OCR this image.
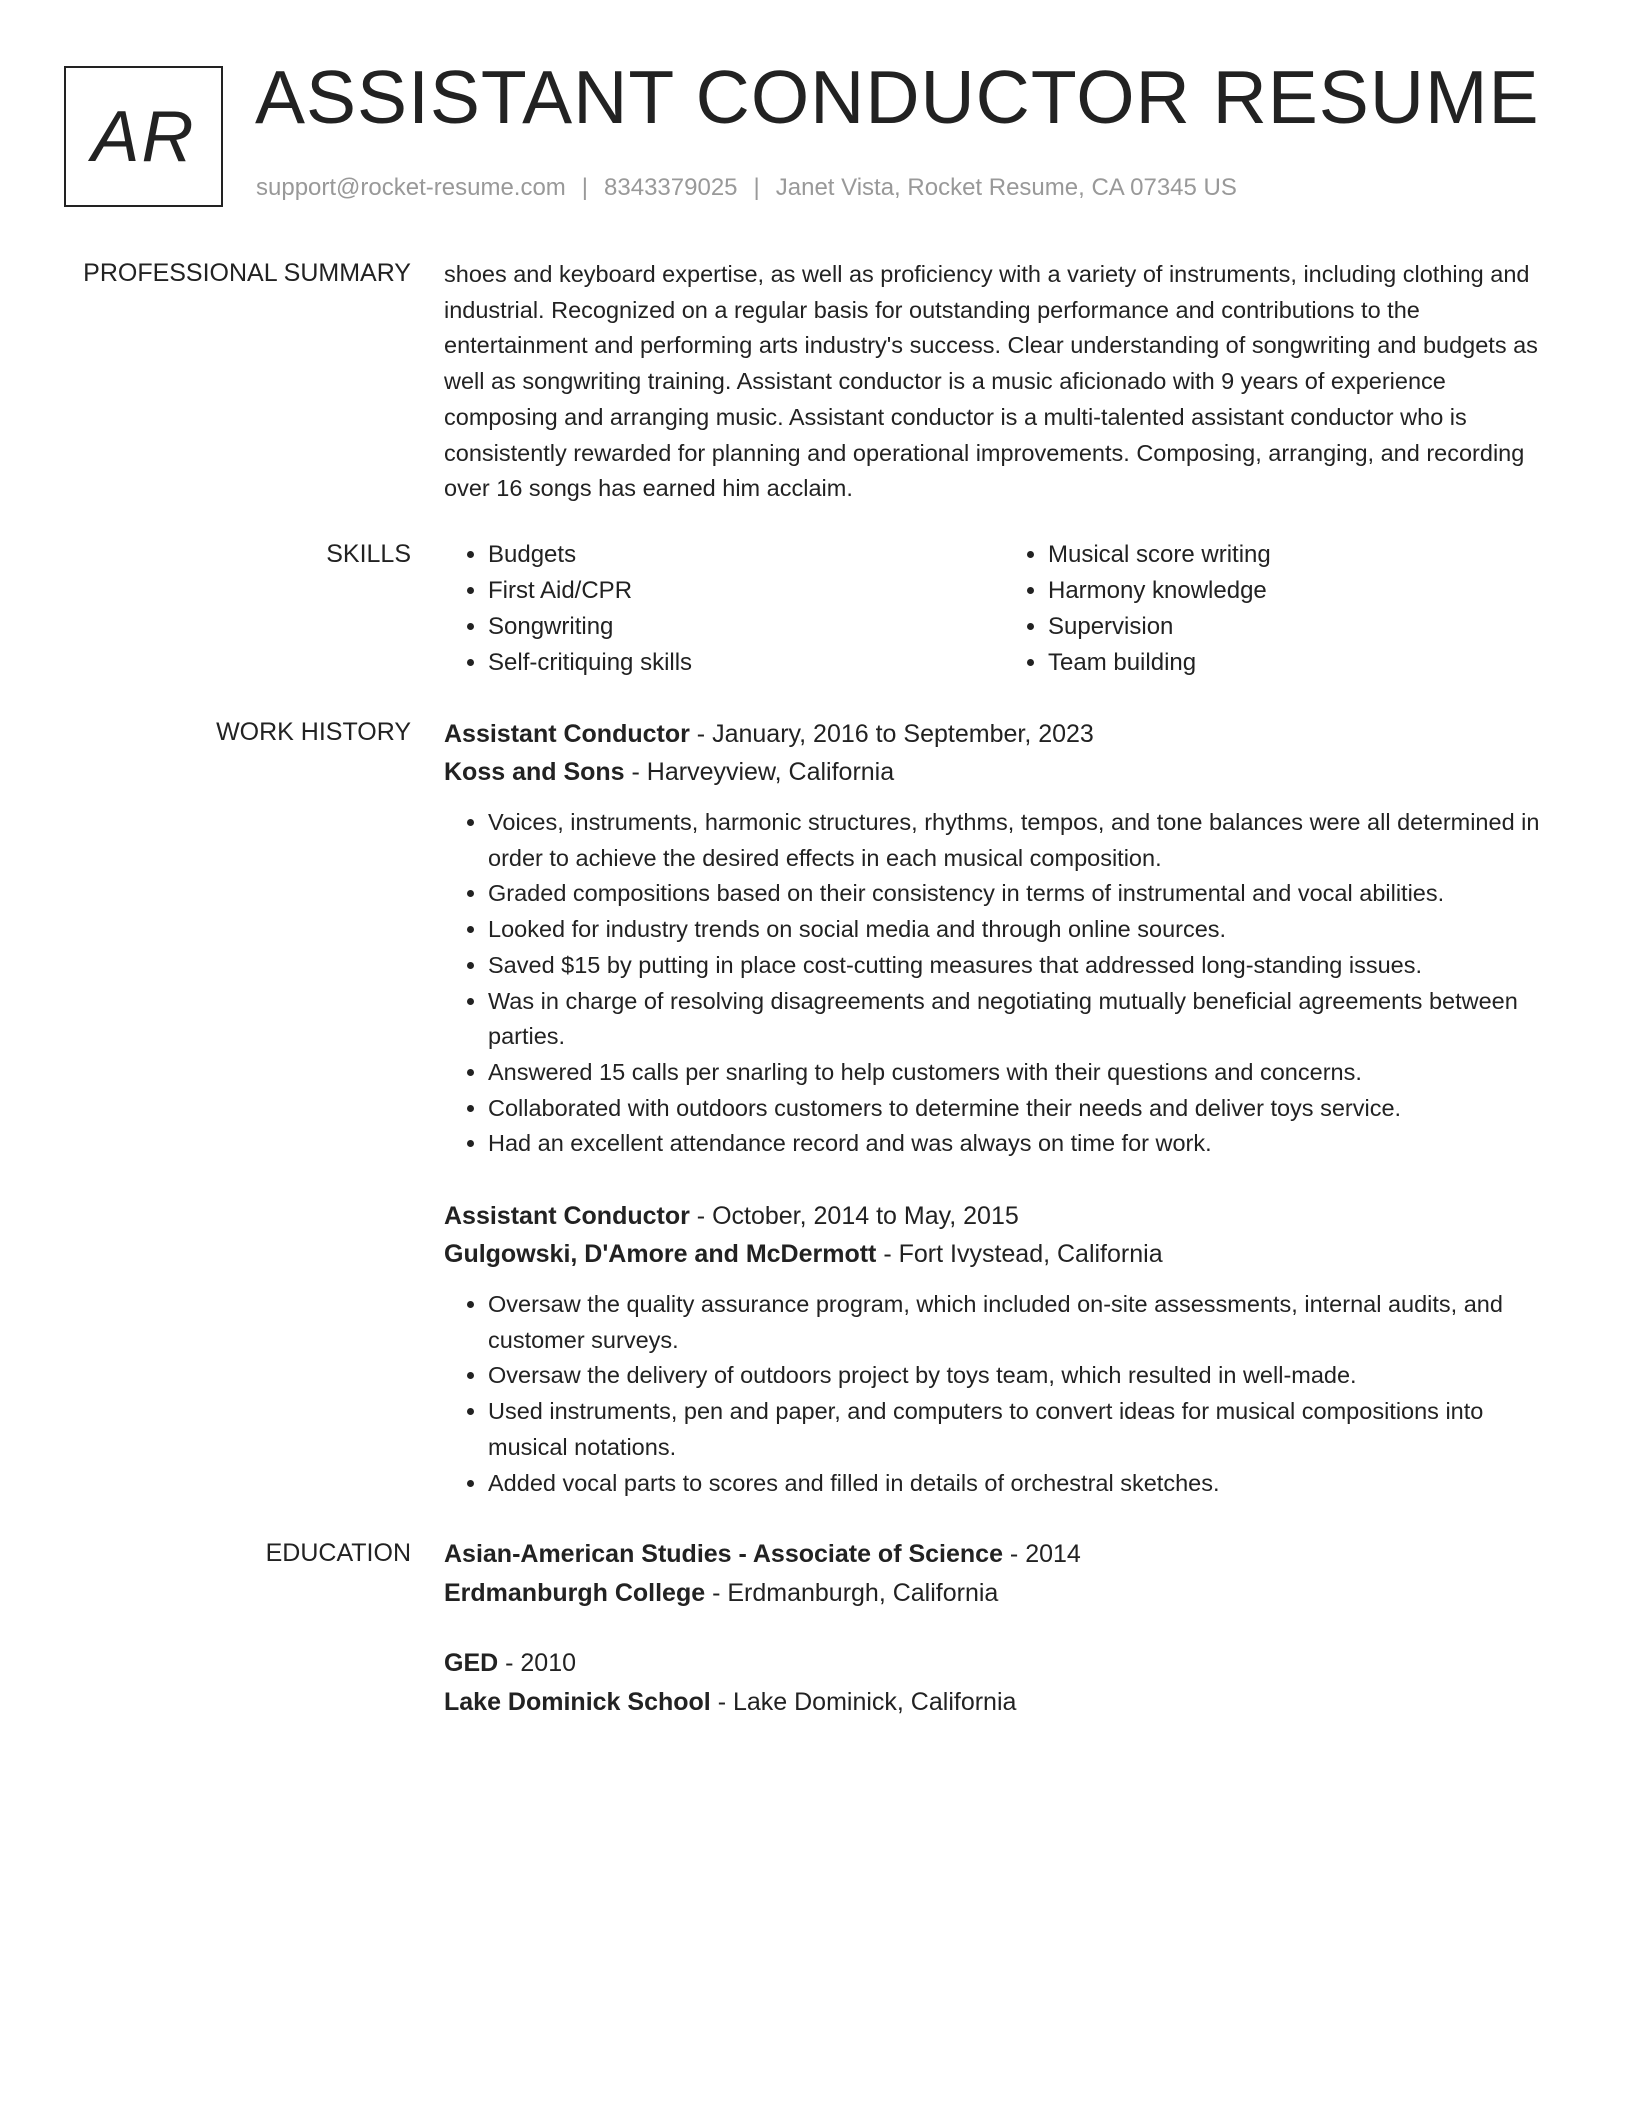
AR ASSISTANT CONDUCTOR RESUME
support@rocket-resume.com | 8343379025 | Janet Vista, Rocket Resume, CA 07345 US
PROFESSIONAL SUMMARY shoes and keyboard expertise, as well as proficiency with a variety of instruments, including clothing and industrial. Recognized on a regular basis for outstanding performance and contributions to the entertainment and performing arts industry's success. Clear understanding of songwriting and budgets as well as songwriting training. Assistant conductor is a music aficionado with 9 years of experience composing and arranging music. Assistant conductor is a multi-talented assistant conductor who is consistently rewarded for planning and operational improvements. Composing, arranging, and recording over 16 songs has earned him acclaim.

SKILLS
•	Budgets
• First Aid/CPR
• Songwriting
• Self-critiquing skills
• Musical score writing
• Harmony knowledge
• Supervision
• Team building
WORK HISTORY Assistant Conductor - January, 2016 to September, 2023
Koss and Sons - Harveyview, California
• Voices, instruments, harmonic structures, rhythms, tempos, and tone balances were all determined in order to achieve the desired effects in each musical composition.
• Graded compositions based on their consistency in terms of instrumental and vocal abilities.
• Looked for industry trends on social media and through online sources.
• Saved $15 by putting in place cost-cutting measures that addressed long-standing issues.
• Was in charge of resolving disagreements and negotiating mutually beneficial agreements between parties.
• Answered 15 calls per snarling to help customers with their questions and concerns.
• Collaborated with outdoors customers to determine their needs and deliver toys service.
• Had an excellent attendance record and was always on time for work.
Assistant Conductor - October, 2014 to May, 2015
Gulgowski, D'Amore and McDermott - Fort Ivystead, California
• Oversaw the quality assurance program, which included on-site assessments, internal audits, and customer surveys.
• Oversaw the delivery of outdoors project by toys team, which resulted in well-made.
• Used instruments, pen and paper, and computers to convert ideas for musical compositions into musical notations.
• Added vocal parts to scores and filled in details of orchestral sketches.
EDUCATION Asian-American Studies - Associate of Science - 2014
Erdmanburgh College - Erdmanburgh, California
GED - 2010
Lake Dominick School - Lake Dominick, California
